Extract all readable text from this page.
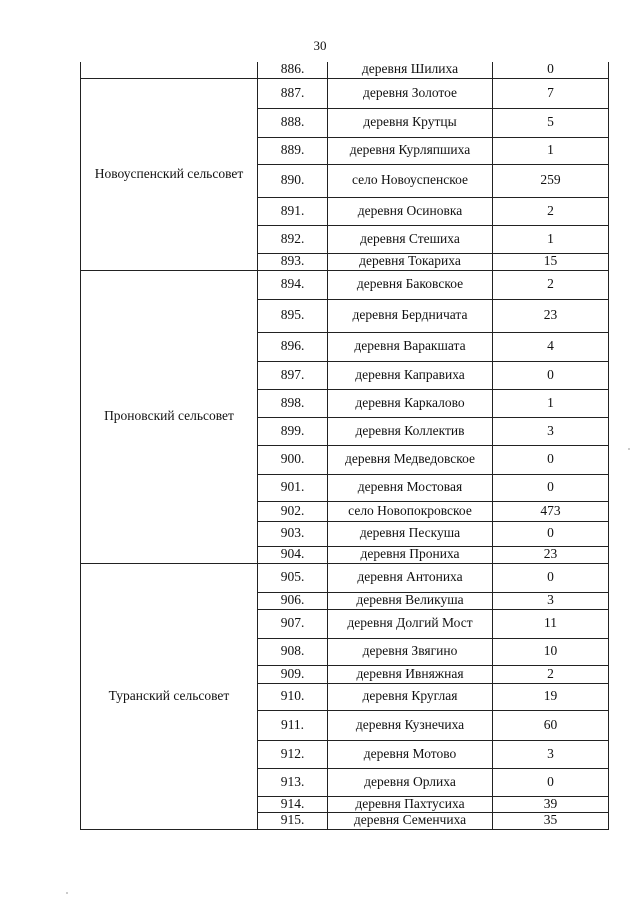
30
	886.	деревня Шилиха	0
Новоуспенский сельсовет	887.	деревня Золотое	7
	888.	деревня Крутцы	5
	889.	деревня Курляпшиха	1
	890.	село Новоуспенское	259
	891.	деревня Осиновка	2
	892.	деревня Стешиха	1
	893.	деревня Токариха	15
Проновский сельсовет	894.	деревня Баковское	2
	895.	деревня Бердничата	23
	896.	деревня Варакшата	4
	897.	деревня Каправиха	0
	898.	деревня Каркалово	1
	899.	деревня Коллектив	3
	900.	деревня Медведовское	0
	901.	деревня Мостовая	0
	902.	село Новопокровское	473
	903.	деревня Пескуша	0
	904.	деревня Прониха	23
Туранский сельсовет	905.	деревня Антониха	0
	906.	деревня Великуша	3
	907.	деревня Долгий Мост	11
	908.	деревня Звягино	10
	909.	деревня Ивняжная	2
	910.	деревня Круглая	19
	911.	деревня Кузнечиха	60
	912.	деревня Мотово	3
	913.	деревня Орлиха	0
	914.	деревня Пахтусиха	39
	915.	деревня Семенчиха	35
